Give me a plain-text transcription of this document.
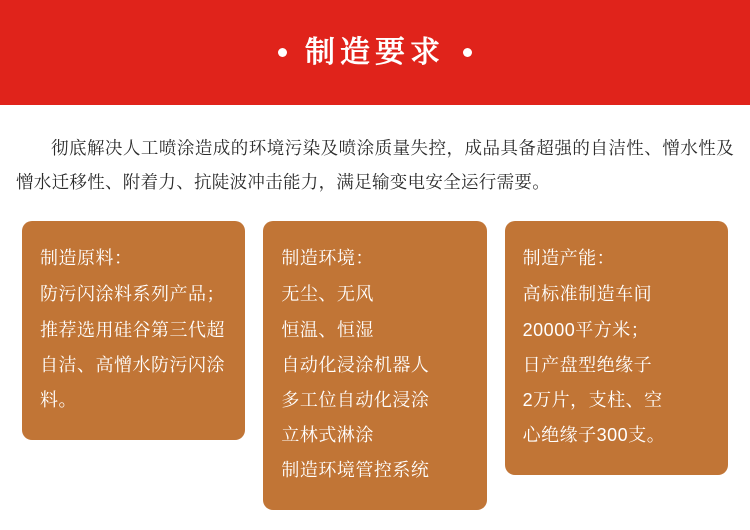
制造要求

彻底解决人工喷涂造成的环境污染及喷涂质量失控，成品具备超强的自洁性、憎水性及憎水迁移性、附着力、抗陡波冲击能力，满足输变电安全运行需要。

制造原料：

防污闪涂料系列产品；

推荐选用硅谷第三代超

自洁、高憎水防污闪涂

料。

制造环境：

无尘、无风

恒温、恒湿

自动化浸涂机器人

多工位自动化浸涂

立林式淋涂

制造环境管控系统

制造产能：

高标准制造车间

20000平方米；

日产盘型绝缘子

2万片，支柱、空

心绝缘子300支。
